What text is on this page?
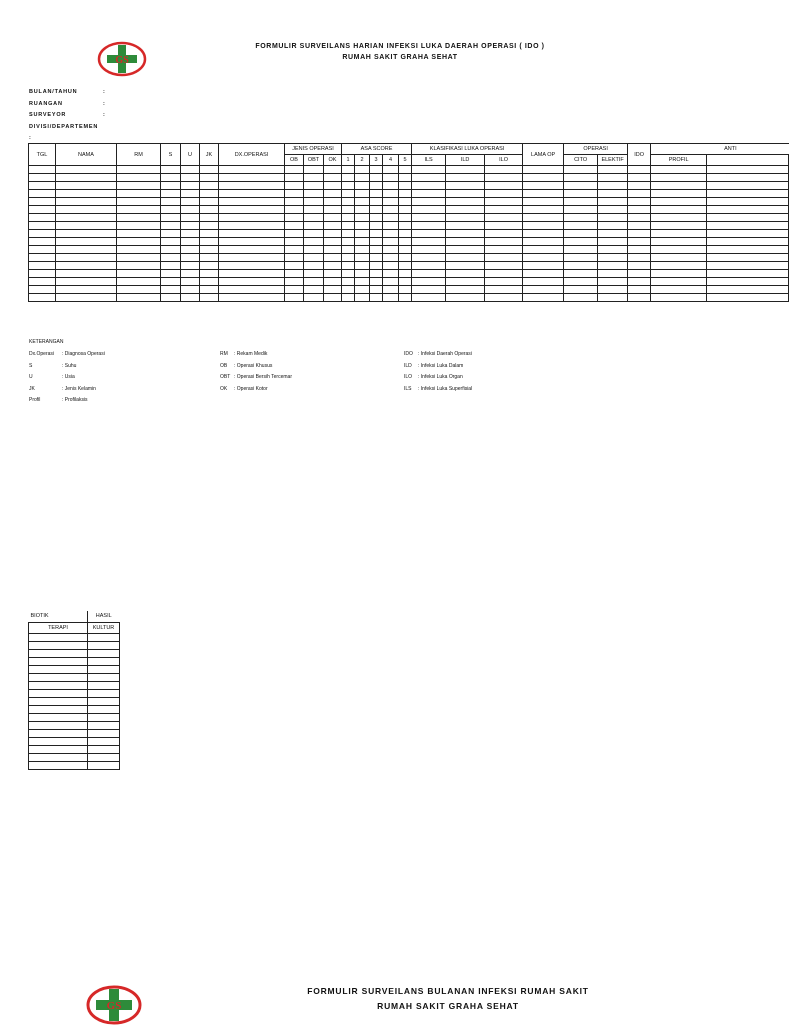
GS
FORMULIR SURVEILANS HARIAN INFEKSI LUKA DAERAH OPERASI ( IDO )
RUMAH SAKIT GRAHA SEHAT
BULAN/TAHUN	:
RUANGAN	:
SURVEYOR	:
DIVISI/DEPARTEMEN :
TGL	NAMA	RM	S	U	JK	DX.OPERASI	JENIS OPERASI			ASA SCORE					KLASIFIKASI LUKA OPERASI			LAMA OP	OPERASI		IDO	ANTI	
							OB	OBT	OK	1	2	3	4	5	ILS	ILD	ILO		CITO	ELEKTIF		PROFIL	

KETERANGAN
Dx.Operasi	: Diagnosa Operasi
S	: Suhu
U	: Usia
JK	: Jenis Kelamin
Profil	: Profilaksis
RM	: Rekam Medik
OB	: Operasi Khusus
OBT : Operasi Bersih Tercemar
OK	: Operasi Kotor
IDO	: Infeksi Daerah Operasi
ILD	: Infeksi Luka Dalam
ILO	: Infeksi Luka Organ
ILS	: Infeksi Luka Superfisial
BIOTIK	HASIL
TERAPI	KULTUR

GS
FORMULIR SURVEILANS BULANAN INFEKSI RUMAH SAKIT
RUMAH SAKIT GRAHA SEHAT
